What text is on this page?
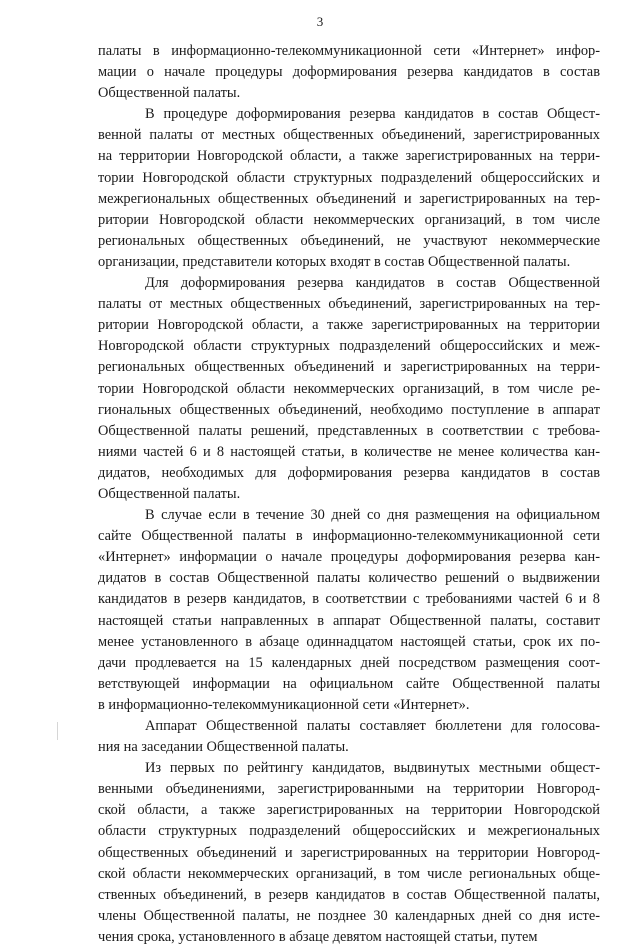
3
палаты в информационно-телекоммуникационной сети «Интернет» инфор-
мации о начале процедуры доформирования резерва кандидатов в состав
Общественной палаты.
В процедуре доформирования резерва кандидатов в состав Общест-
венной палаты от местных общественных объединений, зарегистрированных
на территории Новгородской области, а также зарегистрированных на терри-
тории Новгородской области структурных подразделений общероссийских и
межрегиональных общественных объединений и зарегистрированных на тер-
ритории Новгородской области некоммерческих организаций, в том числе
региональных общественных объединений, не участвуют некоммерческие
организации, представители которых входят в состав Общественной палаты.
Для доформирования резерва кандидатов в состав Общественной
палаты от местных общественных объединений, зарегистрированных на тер-
ритории Новгородской области, а также зарегистрированных на территории
Новгородской области структурных подразделений общероссийских и меж-
региональных общественных объединений и зарегистрированных на терри-
тории Новгородской области некоммерческих организаций, в том числе ре-
гиональных общественных объединений, необходимо поступление в аппарат
Общественной палаты решений, представленных в соответствии с требова-
ниями частей 6 и 8 настоящей статьи, в количестве не менее количества кан-
дидатов, необходимых для доформирования резерва кандидатов в состав
Общественной палаты.
В случае если в течение 30 дней со дня размещения на официальном
сайте Общественной палаты в информационно-телекоммуникационной сети
«Интернет» информации о начале процедуры доформирования резерва кан-
дидатов в состав Общественной палаты количество решений о выдвижении
кандидатов в резерв кандидатов, в соответствии с требованиями частей 6 и 8
настоящей статьи направленных в аппарат Общественной палаты, составит
менее установленного в абзаце одиннадцатом настоящей статьи, срок их по-
дачи продлевается на 15 календарных дней посредством размещения соот-
ветствующей информации на официальном сайте Общественной палаты
в информационно-телекоммуникационной сети «Интернет».
Аппарат Общественной палаты составляет бюллетени для голосова-
ния на заседании Общественной палаты.
Из первых по рейтингу кандидатов, выдвинутых местными общест-
венными объединениями, зарегистрированными на территории Новгород-
ской области, а также зарегистрированных на территории Новгородской
области структурных подразделений общероссийских и межрегиональных
общественных объединений и зарегистрированных на территории Новгород-
ской области некоммерческих организаций, в том числе региональных обще-
ственных объединений, в резерв кандидатов в состав Общественной палаты,
члены Общественной палаты, не позднее 30 календарных дней со дня исте-
чения срока, установленного в абзаце девятом настоящей статьи, путем
